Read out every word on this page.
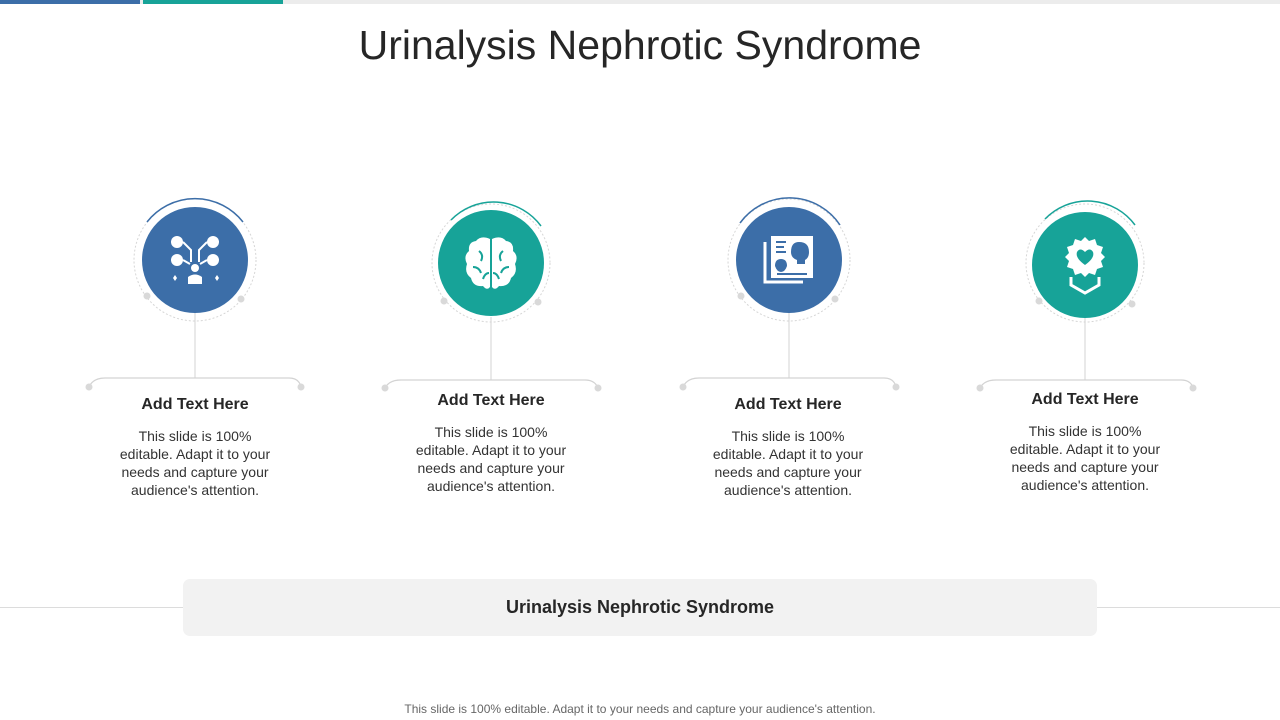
Urinalysis Nephrotic Syndrome
Add Text Here
This slide is 100% editable. Adapt it to your needs and capture your audience's attention.
Add Text Here
This slide is 100% editable. Adapt it to your needs and capture your audience's attention.
Add Text Here
This slide is 100% editable. Adapt it to your needs and capture your audience's attention.
Add Text Here
This slide is 100% editable. Adapt it to your needs and capture your audience's attention.
Urinalysis Nephrotic Syndrome
This slide is 100% editable. Adapt it to your needs and capture your audience's attention.
